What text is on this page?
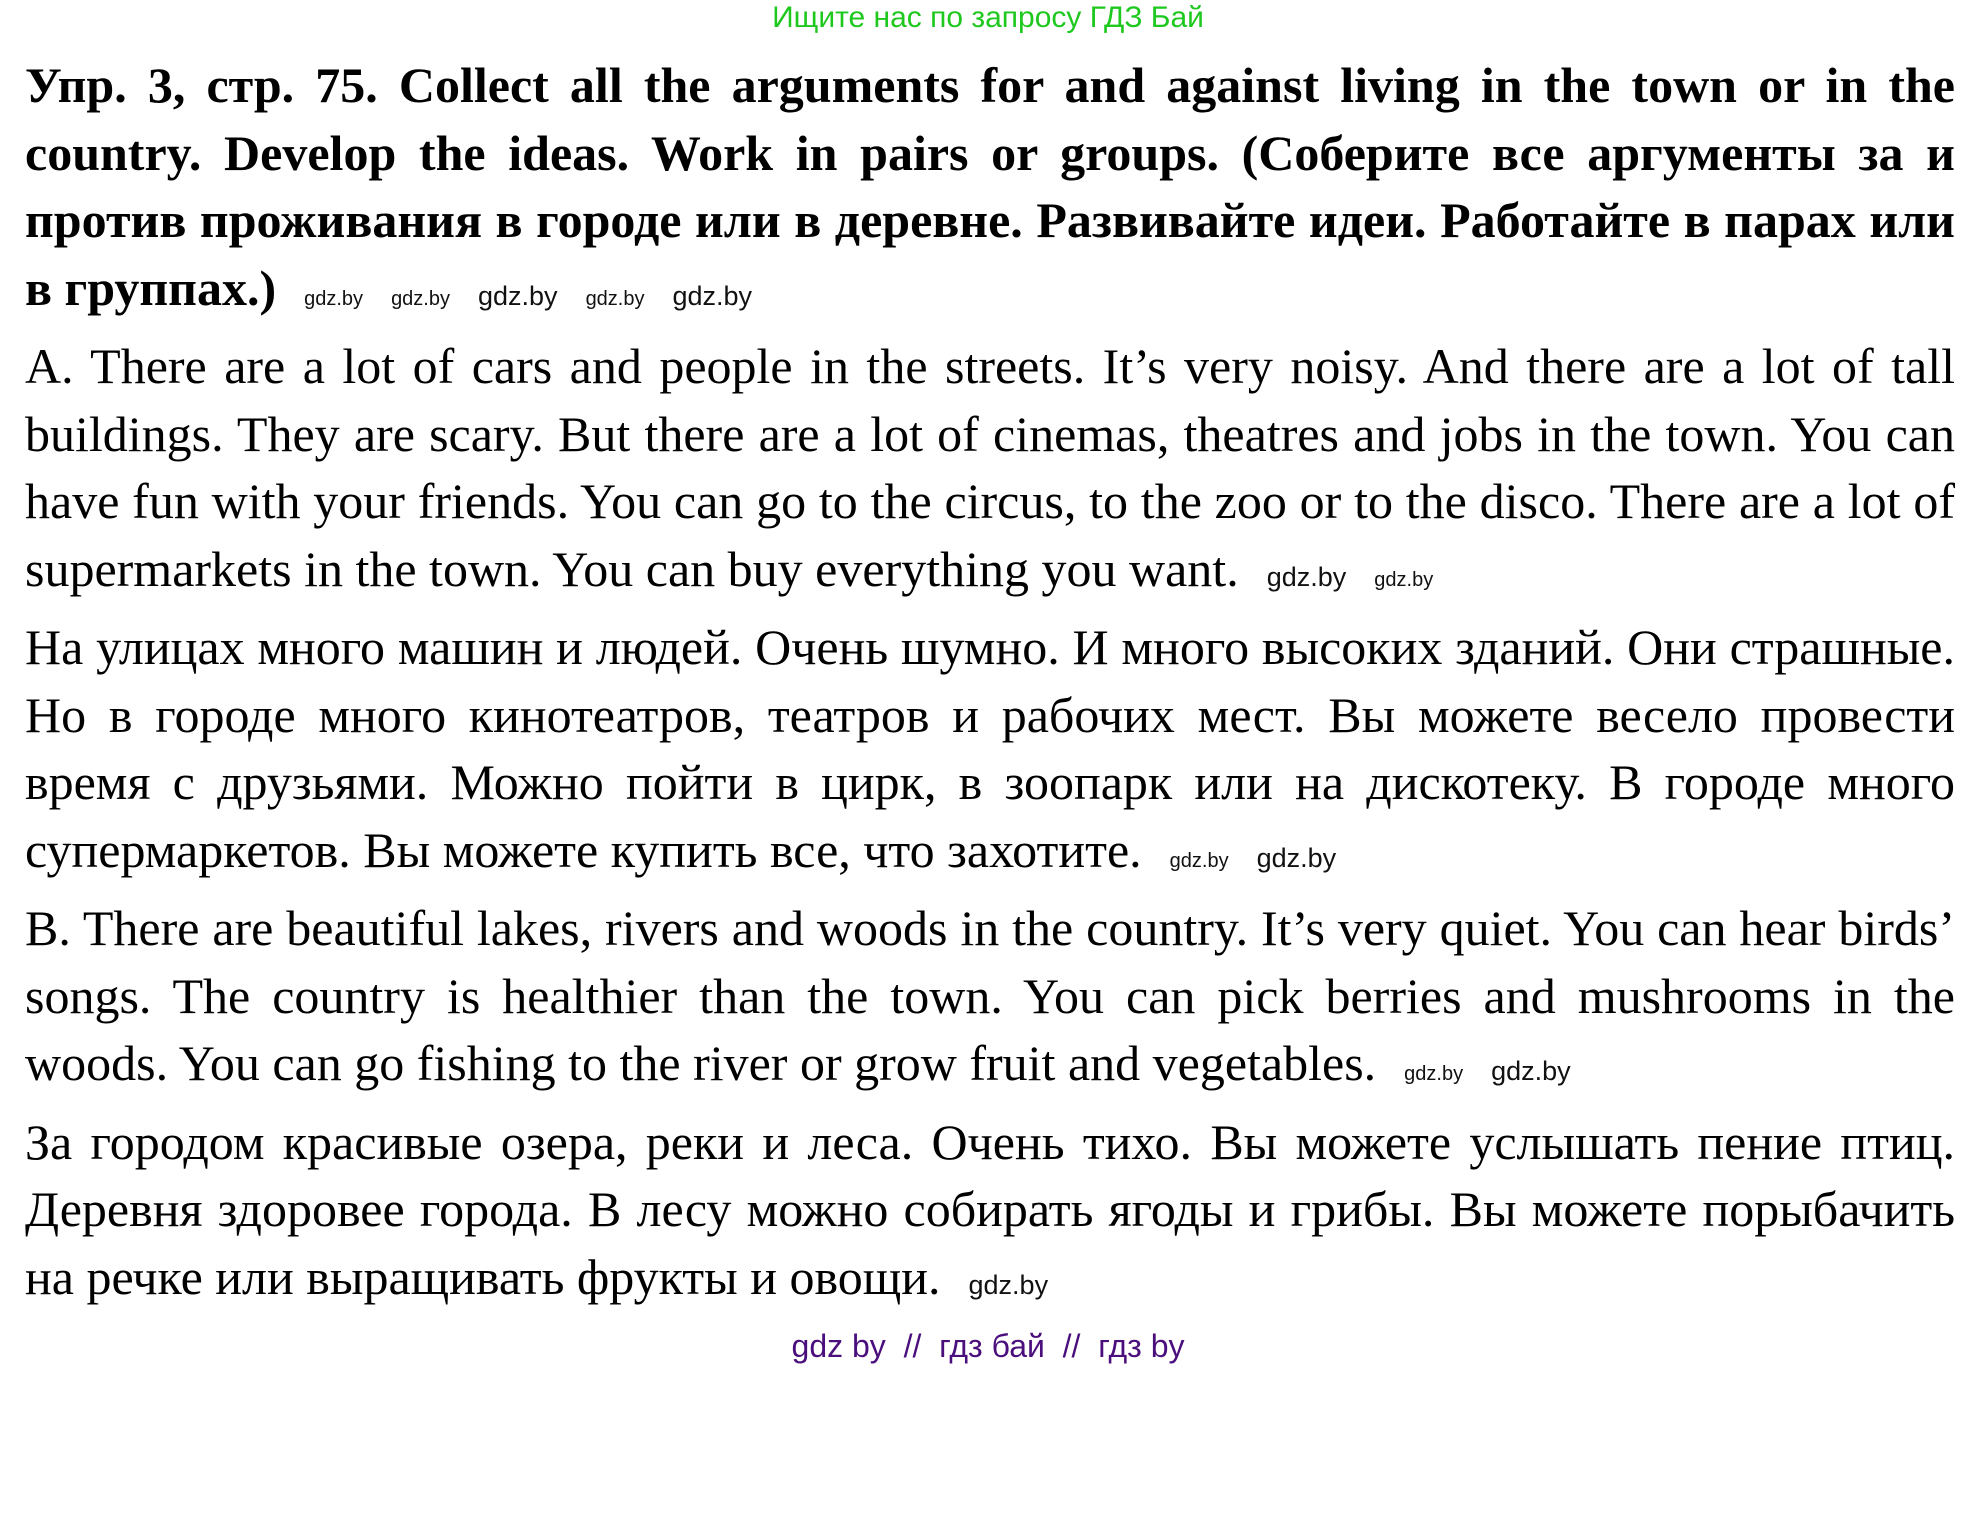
Ищите нас по запросу ГДЗ Бай
Упр. 3, стр. 75. Collect all the arguments for and against living in the town or in the country. Develop the ideas. Work in pairs or groups. (Соберите все аргументы за и против проживания в городе или в деревне. Развивайте идеи. Работайте в парах или в группах.) gdz.by gdz.by gdz.by gdz.by gdz.by

A. There are a lot of cars and people in the streets. It’s very noisy. And there are a lot of tall buildings. They are scary. But there are a lot of cinemas, theatres and jobs in the town. You can have fun with your friends. You can go to the circus, to the zoo or to the disco. There are a lot of supermarkets in the town. You can buy everything you want. gdz.by gdz.by

На улицах много машин и людей. Очень шумно. И много высоких зданий. Они страшные. Но в городе много кинотеатров, театров и рабочих мест. Вы можете весело провести время с друзьями. Можно пойти в цирк, в зоопарк или на дискотеку. В городе много супермаркетов. Вы можете купить все, что захотите. gdz.by gdz.by

B. There are beautiful lakes, rivers and woods in the country. It’s very quiet. You can hear birds’ songs. The country is healthier than the town. You can pick berries and mushrooms in the woods. You can go fishing to the river or grow fruit and vegetables. gdz.by gdz.by

За городом красивые озера, реки и леса. Очень тихо. Вы можете услышать пение птиц. Деревня здоровее города. В лесу можно собирать ягоды и грибы. Вы можете порыбачить на речке или выращивать фрукты и овощи. gdz.by

gdz by  //  гдз бай  //  гдз by
